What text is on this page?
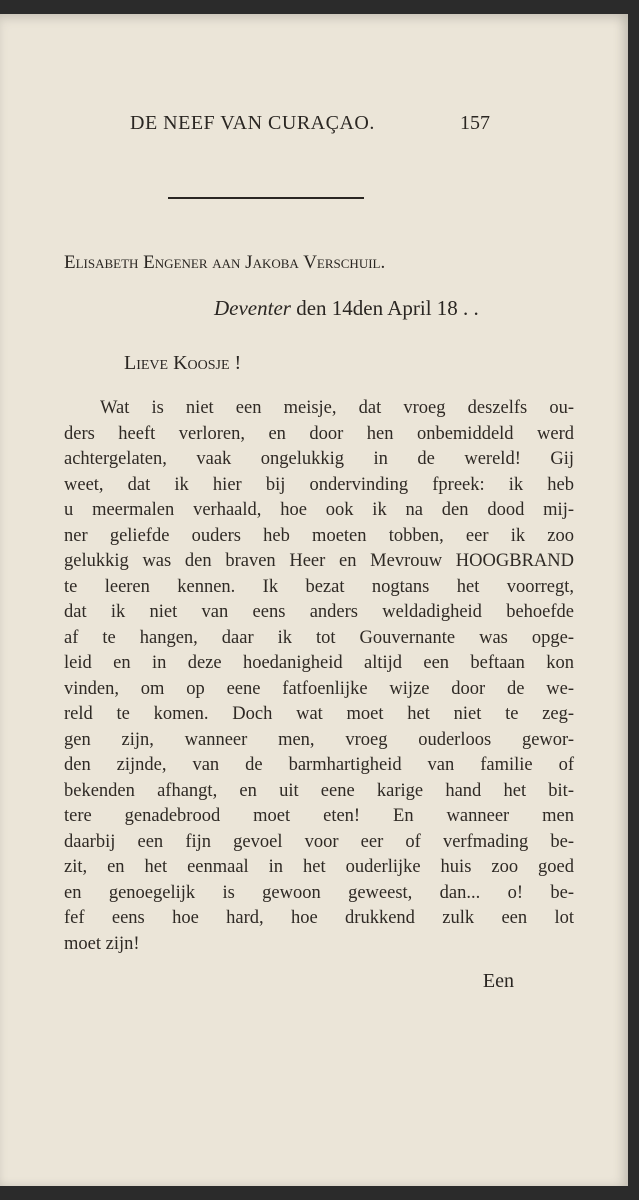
DE NEEF VAN CURAÇAO.	157
Elisabeth Engener aan Jakoba Verschuil.
Deventer den 14den April 18 . .
Lieve Koosje !
Wat is niet een meisje, dat vroeg deszelfs ou-
ders heeft verloren, en door hen onbemiddeld werd
achtergelaten, vaak ongelukkig in de wereld! Gij
weet, dat ik hier bij ondervinding fpreek: ik heb
u meermalen verhaald, hoe ook ik na den dood mij-
ner geliefde ouders heb moeten tobben, eer ik zoo
gelukkig was den braven Heer en Mevrouw HOOGBRAND
te leeren kennen. Ik bezat nogtans het voorregt,
dat ik niet van eens anders weldadigheid behoefde
af te hangen, daar ik tot Gouvernante was opge-
leid en in deze hoedanigheid altijd een beftaan kon
vinden, om op eene fatfoenlijke wijze door de we-
reld te komen. Doch wat moet het niet te zeg-
gen zijn, wanneer men, vroeg ouderloos gewor-
den zijnde, van de barmhartigheid van familie of
bekenden afhangt, en uit eene karige hand het bit-
tere genadebrood moet eten! En wanneer men
daarbij een fijn gevoel voor eer of verfmading be-
zit, en het eenmaal in het ouderlijke huis zoo goed
en genoegelijk is gewoon geweest, dan... o! be-
fef eens hoe hard, hoe drukkend zulk een lot
moet zijn!
Een
